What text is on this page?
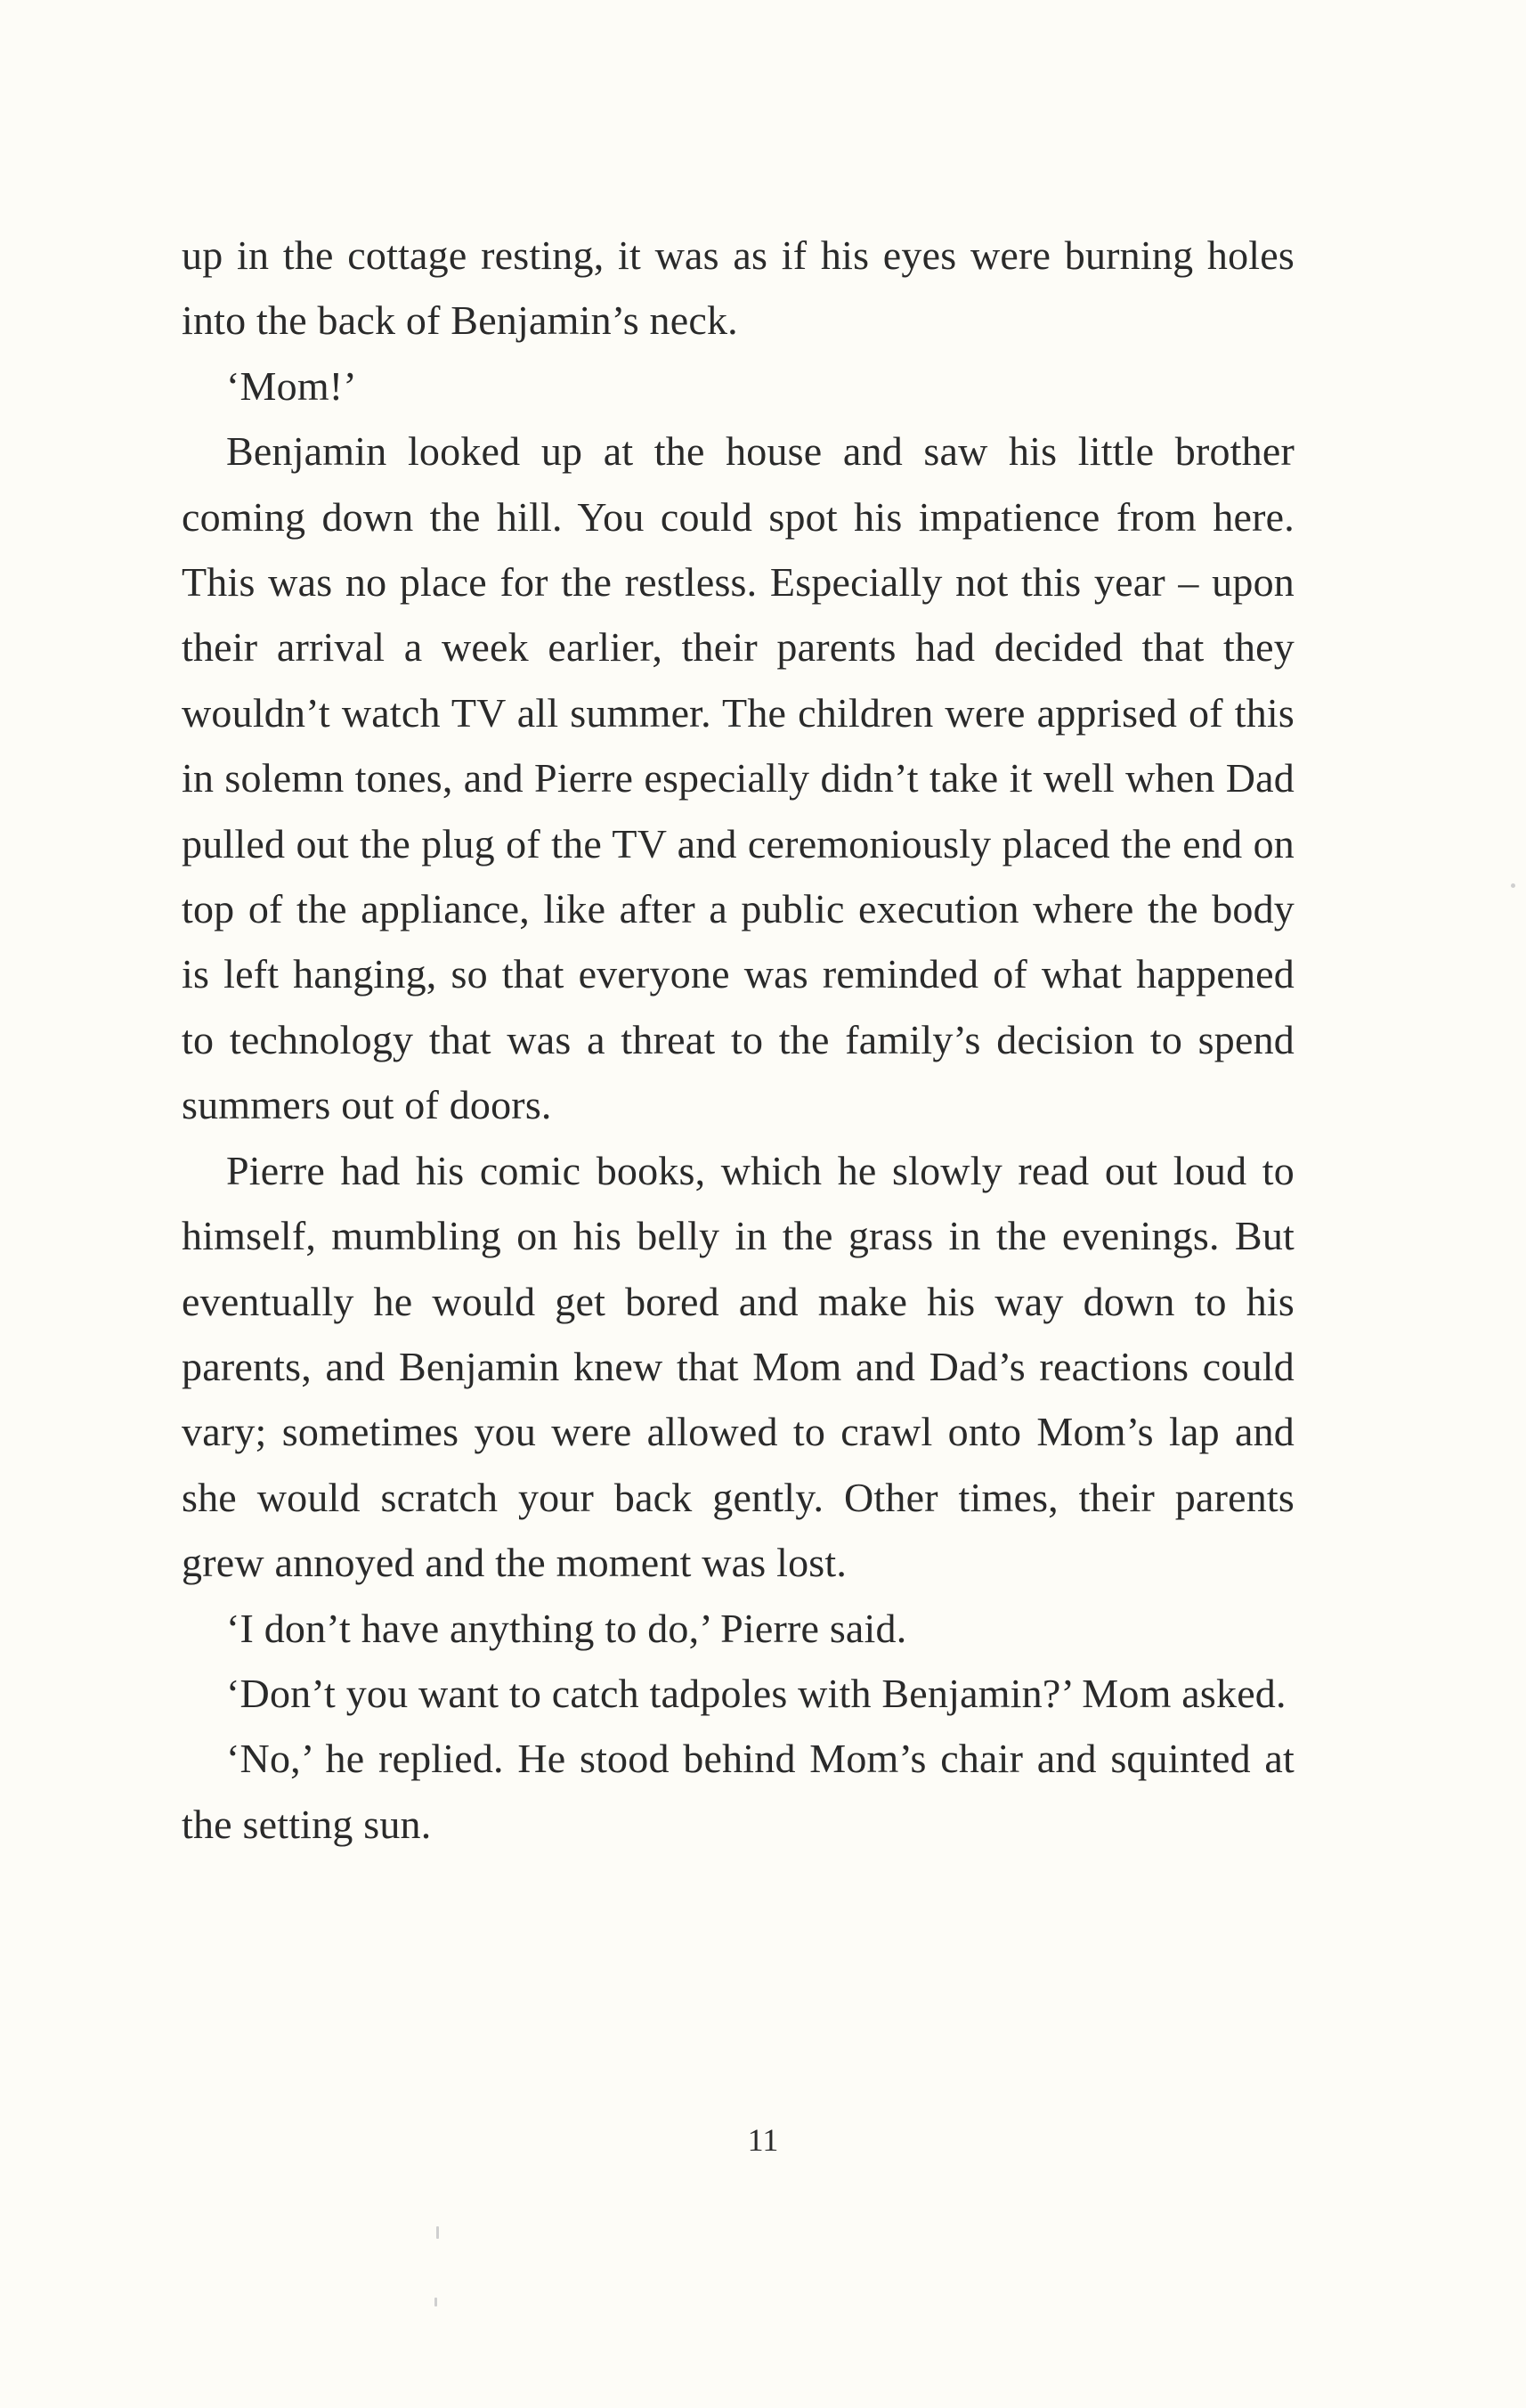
up in the cottage resting, it was as if his eyes were burning holes into the back of Benjamin’s neck.

‘Mom!’

Benjamin looked up at the house and saw his little brother coming down the hill. You could spot his impatience from here. This was no place for the restless. Especially not this year – upon their arrival a week earlier, their parents had decided that they wouldn’t watch TV all summer. The children were apprised of this in solemn tones, and Pierre especially didn’t take it well when Dad pulled out the plug of the TV and ceremoniously placed the end on top of the appliance, like after a public execution where the body is left hanging, so that everyone was reminded of what happened to technology that was a threat to the family’s decision to spend summers out of doors.

Pierre had his comic books, which he slowly read out loud to himself, mumbling on his belly in the grass in the evenings. But eventually he would get bored and make his way down to his parents, and Benjamin knew that Mom and Dad’s reactions could vary; sometimes you were allowed to crawl onto Mom’s lap and she would scratch your back gently. Other times, their parents grew annoyed and the moment was lost.

‘I don’t have anything to do,’ Pierre said.

‘Don’t you want to catch tadpoles with Benjamin?’ Mom asked.

‘No,’ he replied. He stood behind Mom’s chair and squinted at the setting sun.

11
